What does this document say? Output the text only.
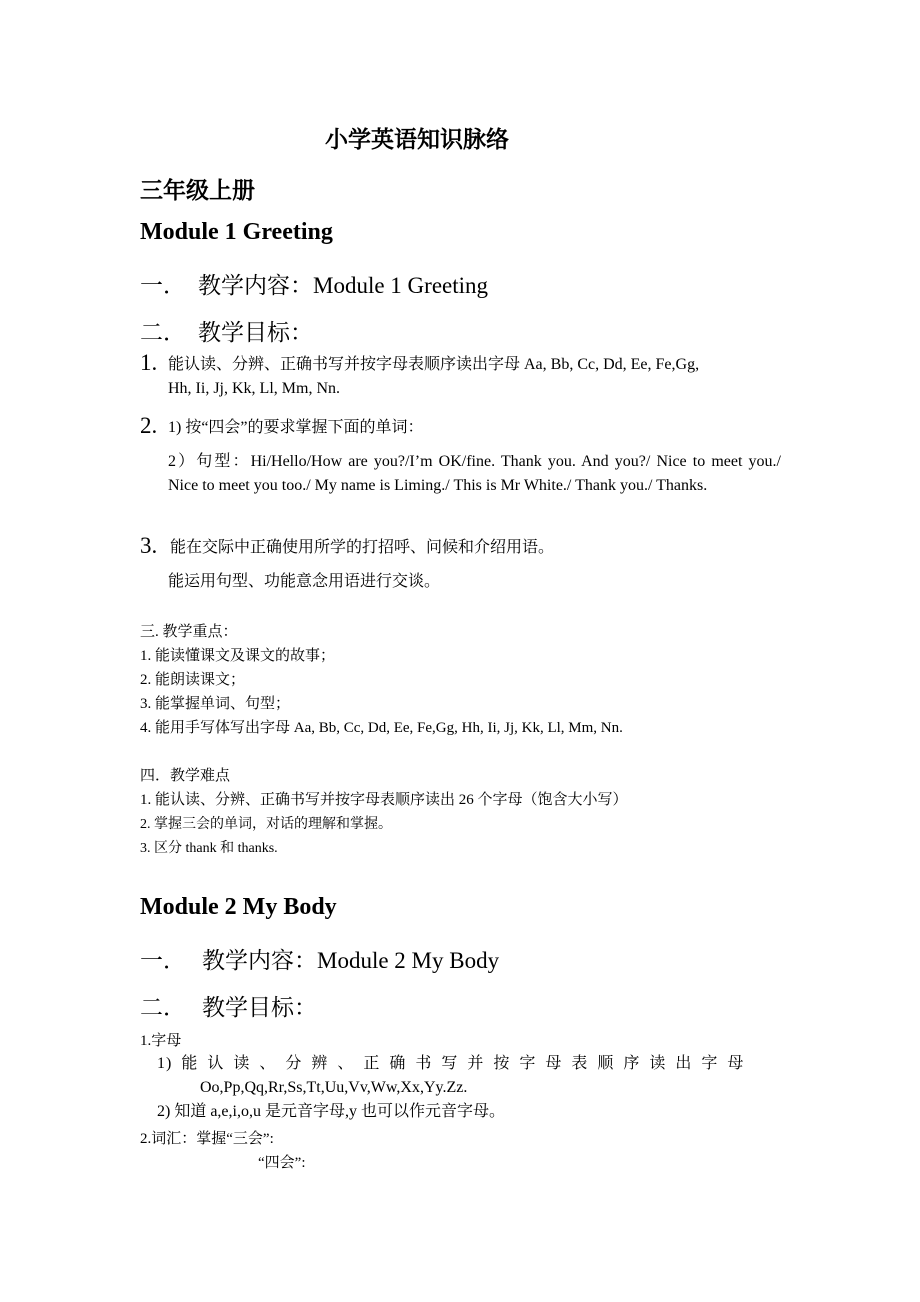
小学英语知识脉络
三年级上册
Module 1 Greeting
一． 教学内容：Module 1 Greeting
二． 教学目标：
1. 能认读、分辨、正确书写并按字母表顺序读出字母 Aa, Bb, Cc, Dd, Ee, Fe,Gg,
Hh, Ii, Jj, Kk, Ll, Mm, Nn.
2. 1) 按“四会”的要求掌握下面的单词：
2）句型：Hi/Hello/How are you?/I’m OK/fine. Thank you. And you?/ Nice to meet you./ Nice to meet you too./ My name is Liming./ This is Mr White./ Thank you./ Thanks.
3. 能在交际中正确使用所学的打招呼、问候和介绍用语。
能运用句型、功能意念用语进行交谈。
三. 教学重点：
1. 能读懂课文及课文的故事；
2. 能朗读课文；
3. 能掌握单词、句型；
4. 能用手写体写出字母 Aa, Bb, Cc, Dd, Ee, Fe,Gg, Hh, Ii, Jj, Kk, Ll, Mm, Nn.
四．教学难点
1. 能认读、分辨、正确书写并按字母表顺序读出 26 个字母（饱含大小写）
2. 掌握三会的单词，对话的理解和掌握。
3. 区分 thank 和 thanks.
Module 2 My Body
一． 教学内容：Module 2 My Body
二． 教学目标：
1.字母
1) 能 认 读 、 分 辨 、 正 确 书 写 并 按 字 母 表 顺 序 读 出 字 母
Oo,Pp,Qq,Rr,Ss,Tt,Uu,Vv,Ww,Xx,Yy.Zz.
2) 知道 a,e,i,o,u 是元音字母,y 也可以作元音字母。
2.词汇：掌握“三会”:
“四会”:
